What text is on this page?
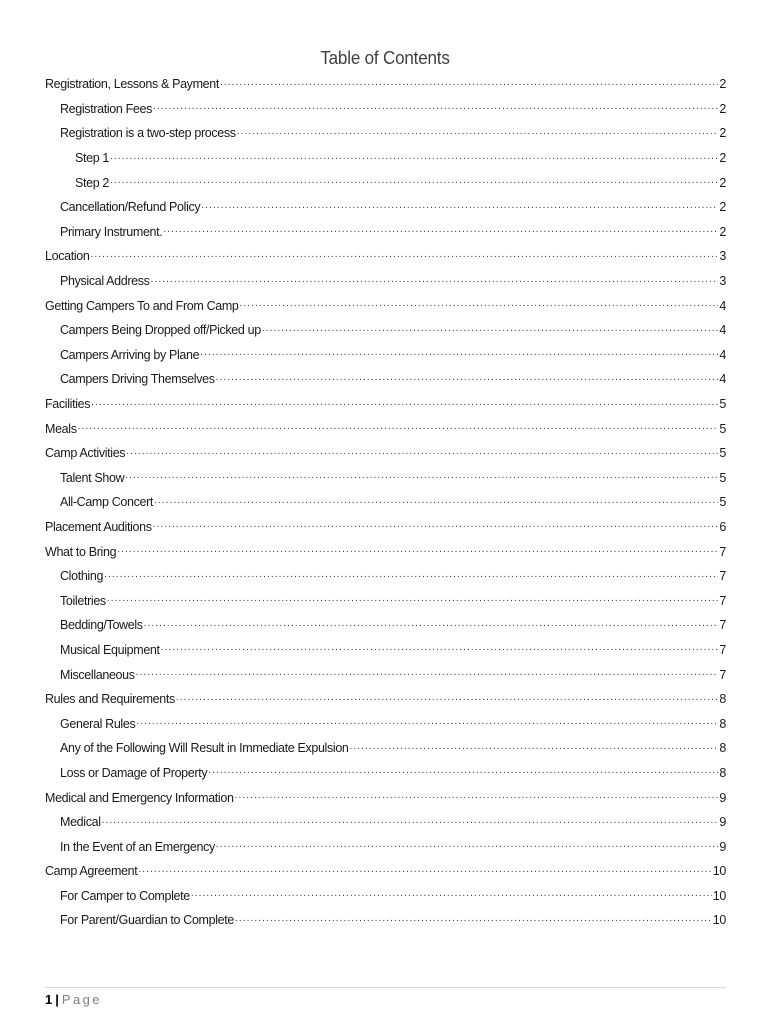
Table of Contents
Registration, Lessons & Payment .....	2
Registration Fees .....	2
Registration is a two-step process .....	2
Step 1 .....	2
Step 2 .....	2
Cancellation/Refund Policy .....	2
Primary Instrument. .....	2
Location .....	3
Physical Address .....	3
Getting Campers To and From Camp .....	4
Campers Being Dropped off/Picked up .....	4
Campers Arriving by Plane .....	4
Campers Driving Themselves .....	4
Facilities .....	5
Meals .....	5
Camp Activities .....	5
Talent Show .....	5
All-Camp Concert .....	5
Placement Auditions .....	6
What to Bring .....	7
Clothing .....	7
Toiletries .....	7
Bedding/Towels .....	7
Musical Equipment .....	7
Miscellaneous .....	7
Rules and Requirements .....	8
General Rules .....	8
Any of the Following Will Result in Immediate Expulsion .....	8
Loss or Damage of Property .....	8
Medical and Emergency Information .....	9
Medical .....	9
In the Event of an Emergency .....	9
Camp Agreement .....	10
For Camper to Complete .....	10
For Parent/Guardian to Complete .....	10
1 | Page
